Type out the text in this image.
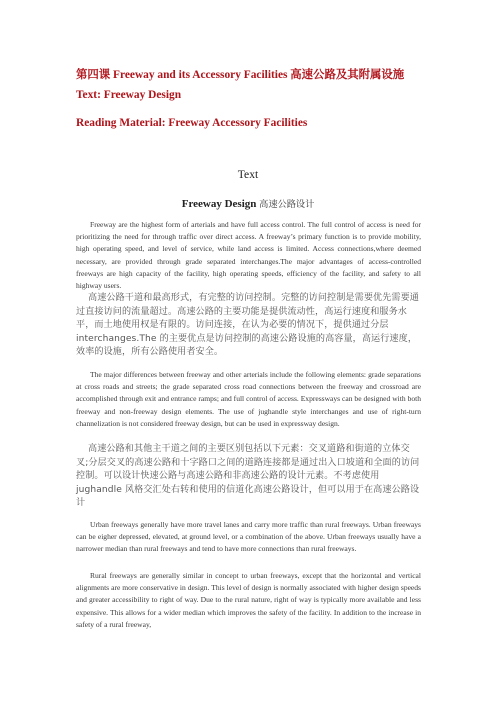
第四课 Freeway and its Accessory Facilities 高速公路及其附属设施
Text: Freeway Design
Reading Material: Freeway Accessory Facilities
Text
Freeway Design 高速公路设计
Freeway are the highest form of arterials and have full access control. The full control of access is need for prioritizing the need for through traffic over direct access. A freeway’s primary function is to provide mobility, high operating speed, and level of service, while land access is limited. Access connections,where deemed necessary, are provided through grade separated interchanges.The major advantages of access-controlled freeways are high capacity of the facility, high operating speeds, efficiency of the facility, and safety to all highway users.
高速公路干道和最高形式，有完整的访问控制。完整的访问控制是需要优先需要通过直接访问的流量超过。高速公路的主要功能是提供流动性，高运行速度和服务水平，而土地使用权是有限的。访问连接，在认为必要的情况下，提供通过分层 interchanges.The 的主要优点是访问控制的高速公路设施的高容量，高运行速度，效率的设施，所有公路使用者安全。
The major differences between freeway and other arterials include the following elements: grade separations at cross roads and streets; the grade separated cross road connections between the freeway and crossroad are accomplished through exit and entrance ramps; and full control of access. Expressways can be designed with both freeway and non-freeway design elements. The use of jughandle style interchanges and use of right-turn channelization is not considered freeway design, but can be used in expressway design.
高速公路和其他主干道之间的主要区别包括以下元素：交叉道路和街道的立体交叉;分层交叉的高速公路和十字路口之间的道路连接都是通过出入口坡道和全面的访问控制。可以设计快速公路与高速公路和非高速公路的设计元素。不考虑使用 jughandle 风格交汇处右转和使用的信道化高速公路设计，但可以用于在高速公路设计
Urban freeways generally have more travel lanes and carry more traffic than rural freeways. Urban freeways can be eigher depressed, elevated, at ground level, or a combination of the above. Urban freeways usually have a narrower median than rural freeways and tend to have more connections than rural freeways.
Rural freeways are generally similar in concept to urban freeways, except that the horizontal and vertical alignments are more conservative in design. This level of design is normally associated with higher design speeds and greater accessibility to right of way. Due to the rural nature, right of way is typically more available and less expensive. This allows for a wider median which improves the safety of the facility. In addition to the increase in safety of a rural freeway,
